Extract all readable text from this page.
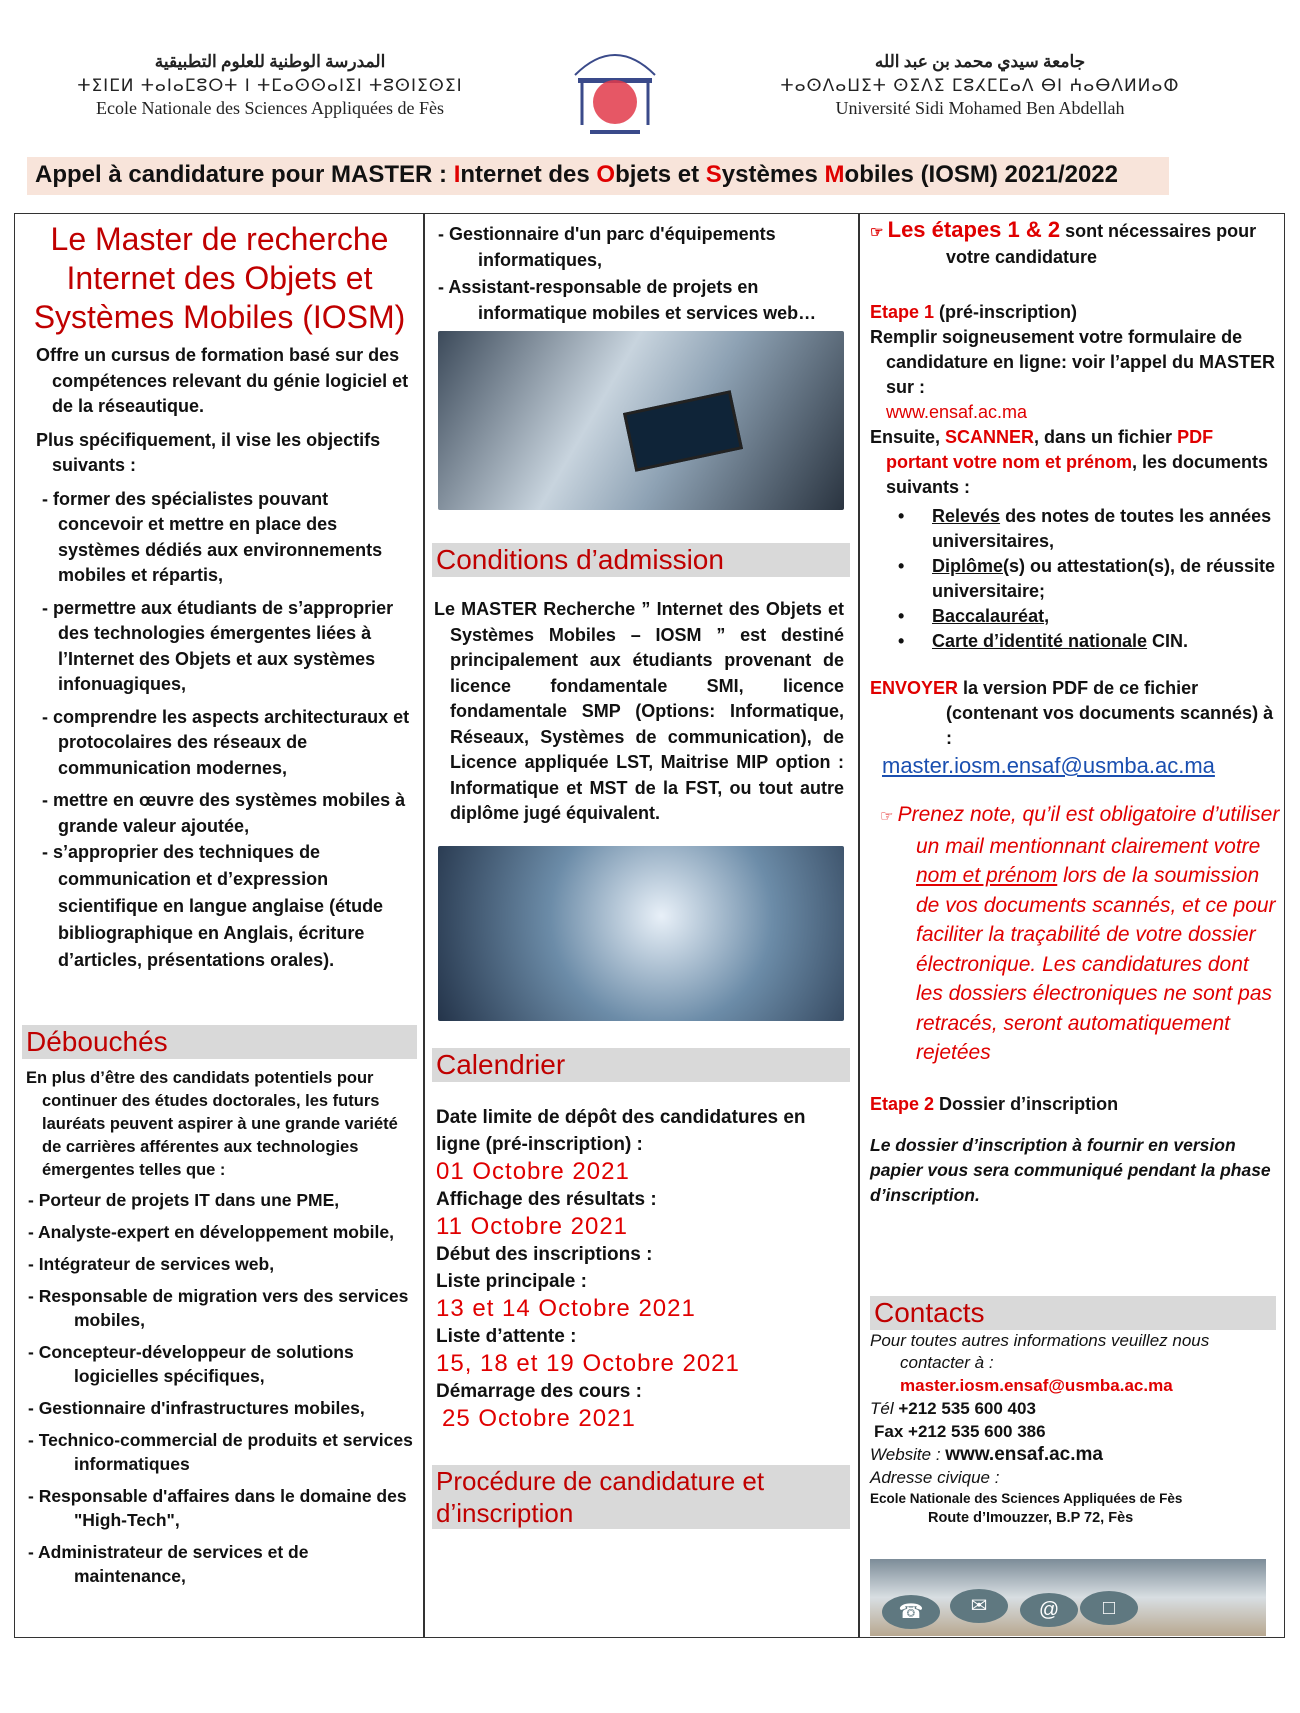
المدرسة الوطنية للعلوم التطبيقية
ⵜⵉⵏⵎⵍ ⵜⴰⵏⴰⵎⵓⵔⵜ ⵏ ⵜⵎⴰⵙⵙⴰⵏⵉⵏ ⵜⵓⵙⵏⵉⵙⵉⵏ
Ecole Nationale des Sciences Appliquées de Fès
جامعة سيدي محمد بن عبد الله
ⵜⴰⵙⴷⴰⵡⵉⵜ ⵙⵉⴷⵉ ⵎⵓⵃⵎⵎⴰⴷ ⴱⵏ ⵄⴰⴱⴷⵍⵍⴰⵀ
Université Sidi Mohamed Ben Abdellah
Appel à candidature pour MASTER : Internet des Objets et Systèmes Mobiles (IOSM) 2021/2022
Le Master de recherche
Internet des Objets et
Systèmes Mobiles (IOSM)

Offre un cursus de formation basé sur des compétences relevant du génie logiciel et de la réseautique.

Plus spécifiquement, il vise les objectifs suivants :

- former des spécialistes pouvant concevoir et mettre en place des systèmes dédiés aux environnements mobiles et répartis,

- permettre aux étudiants de s’approprier des technologies émergentes liées à l’Internet des Objets et aux systèmes infonuagiques,

- comprendre les aspects architecturaux et protocolaires des réseaux de communication modernes,

- mettre en œuvre des systèmes mobiles à grande valeur ajoutée,

- s’approprier des techniques de communication et d’expression scientifique en langue anglaise (étude bibliographique en Anglais, écriture d’articles, présentations orales).

Débouchés

En plus d’être des candidats potentiels pour continuer des études doctorales, les futurs lauréats peuvent aspirer à une grande variété de carrières afférentes aux technologies émergentes telles que :

- Porteur de projets IT dans une PME,

- Analyste-expert en développement mobile,

- Intégrateur de services web,

- Responsable de migration vers des services mobiles,

- Concepteur-développeur de solutions logicielles spécifiques,

- Gestionnaire d'infrastructures mobiles,

- Technico-commercial de produits et services informatiques

- Responsable d'affaires dans le domaine des "High-Tech",

- Administrateur de services et de maintenance,

- Gestionnaire d'un parc d'équipements informatiques,

- Assistant-responsable de projets en informatique mobiles et services web…

Conditions d’admission

Le MASTER Recherche ” Internet des Objets et Systèmes Mobiles – IOSM ” est destiné principalement aux étudiants provenant de licence fondamentale SMI, licence fondamentale SMP (Options: Informatique, Réseaux, Systèmes de communication), de Licence appliquée LST, Maitrise MIP option : Informatique et MST de la FST, ou tout autre diplôme jugé équivalent.

Calendrier

Date limite de dépôt des candidatures en ligne (pré-inscription) :

01 Octobre 2021

Affichage des résultats :

11 Octobre 2021

Début des inscriptions :

Liste principale :

13 et 14 Octobre 2021

Liste d’attente :

15, 18 et 19 Octobre 2021

Démarrage des cours :

25 Octobre 2021

Procédure de candidature et d’inscription

☞ Les étapes 1 & 2 sont nécessaires pour votre candidature

Etape 1 (pré-inscription)

Remplir soigneusement votre formulaire de candidature en ligne: voir l’appel du MASTER sur :

www.ensaf.ac.ma

Ensuite, SCANNER, dans un fichier PDF portant votre nom et prénom, les documents suivants :

• Relevés des notes de toutes les années universitaires,
• Diplôme(s) ou attestation(s), de réussite universitaire;
• Baccalauréat,
• Carte d’identité nationale CIN.

ENVOYER la version PDF de ce fichier (contenant vos documents scannés) à :

master.iosm.ensaf@usmba.ac.ma

☞ Prenez note, qu’il est obligatoire d’utiliser un mail mentionnant clairement votre nom et prénom lors de la soumission de vos documents scannés, et ce pour faciliter la traçabilité de votre dossier électronique. Les candidatures dont les dossiers électroniques ne sont pas retracés, seront automatiquement rejetées

Etape 2 Dossier d’inscription

Le dossier d’inscription à fournir en version papier vous sera communiqué pendant la phase d’inscription.

Contacts

Pour toutes autres informations veuillez nous contacter à :

master.iosm.ensaf@usmba.ac.ma

Tél +212 535 600 403

Fax +212 535 600 386

Website : www.ensaf.ac.ma

Adresse civique :

Ecole Nationale des Sciences Appliquées de Fès

Route d’Imouzzer, B.P 72, Fès

☎	✉	@	□
